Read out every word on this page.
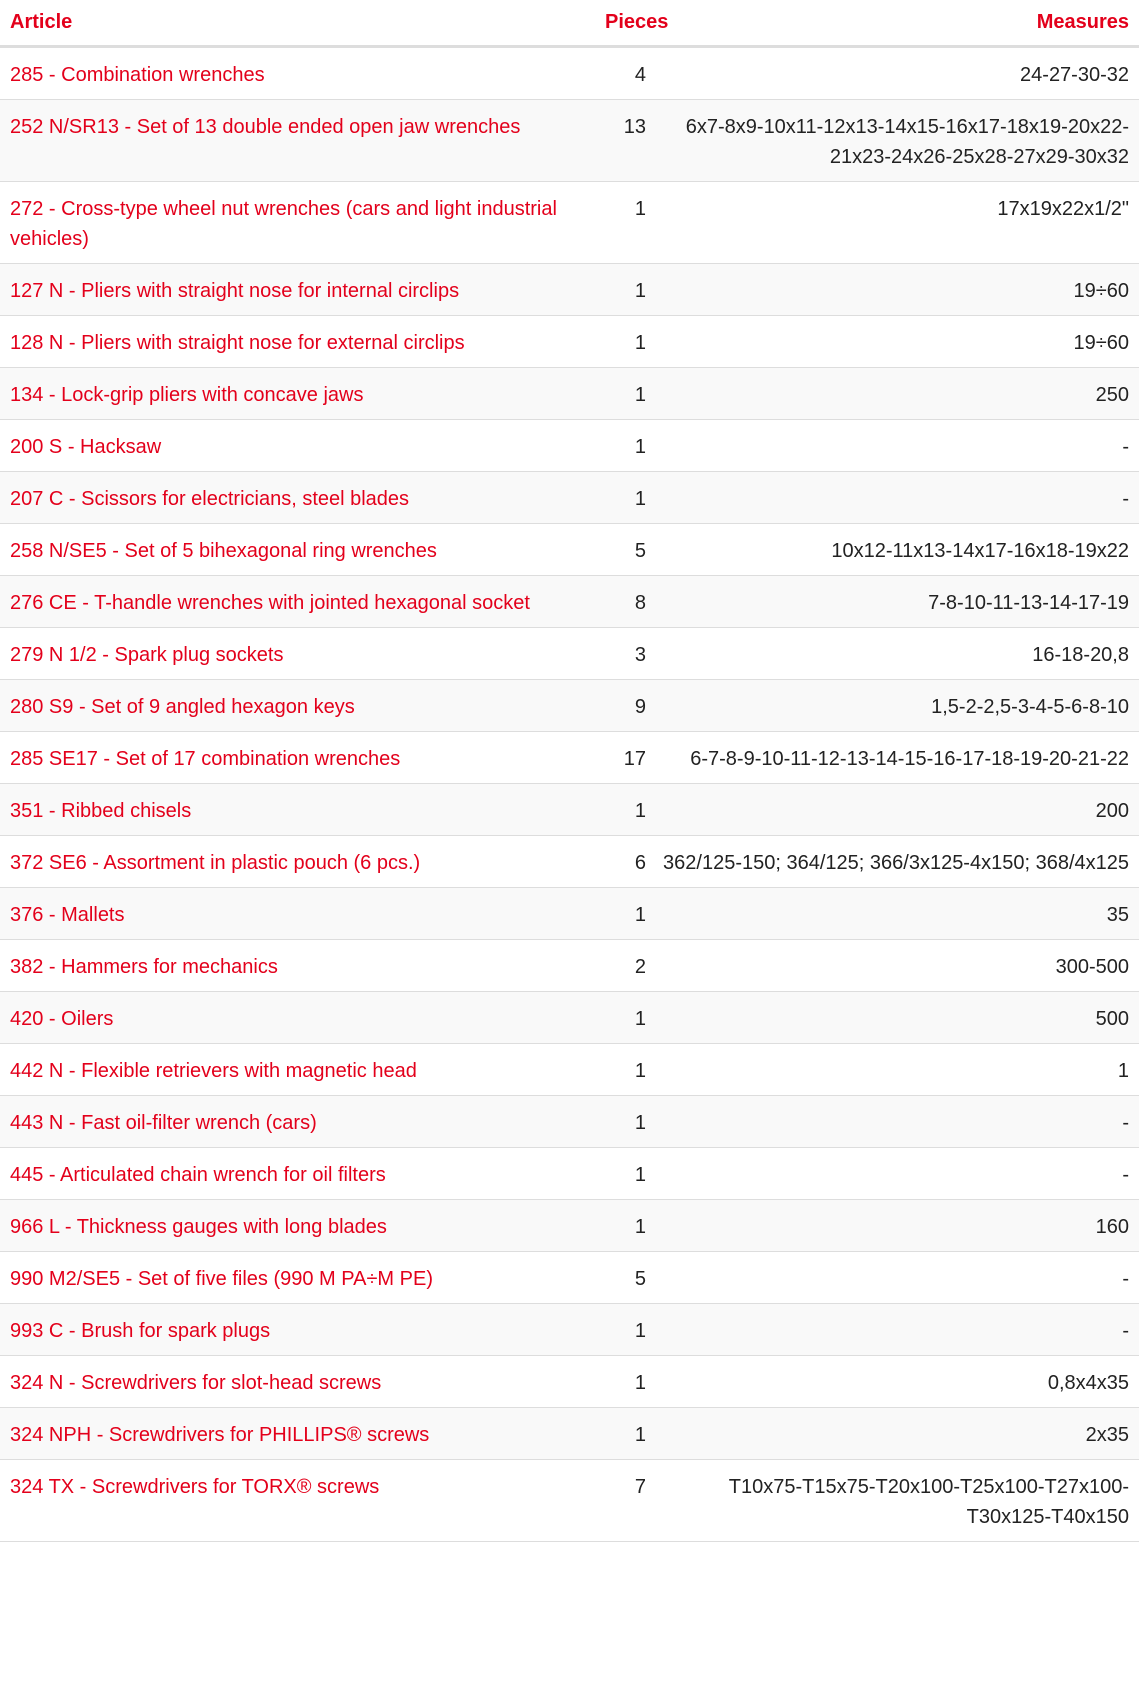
Article	Pieces	Measures
285 - Combination wrenches	4	24-27-30-32
252 N/SR13 - Set of 13 double ended open jaw wrenches	13	6x7-8x9-10x11-12x13-14x15-16x17-18x19-20x22-21x23-24x26-25x28-27x29-30x32
272 - Cross-type wheel nut wrenches (cars and light industrial vehicles)	1	17x19x22x1/2"
127 N - Pliers with straight nose for internal circlips	1	19÷60
128 N - Pliers with straight nose for external circlips	1	19÷60
134 - Lock-grip pliers with concave jaws	1	250
200 S - Hacksaw	1	-
207 C - Scissors for electricians, steel blades	1	-
258 N/SE5 - Set of 5 bihexagonal ring wrenches	5	10x12-11x13-14x17-16x18-19x22
276 CE - T-handle wrenches with jointed hexagonal socket	8	7-8-10-11-13-14-17-19
279 N 1/2 - Spark plug sockets	3	16-18-20,8
280 S9 - Set of 9 angled hexagon keys	9	1,5-2-2,5-3-4-5-6-8-10
285 SE17 - Set of 17 combination wrenches	17	6-7-8-9-10-11-12-13-14-15-16-17-18-19-20-21-22
351 - Ribbed chisels	1	200
372 SE6 - Assortment in plastic pouch (6 pcs.)	6	362/125-150; 364/125; 366/3x125-4x150; 368/4x125
376 - Mallets	1	35
382 - Hammers for mechanics	2	300-500
420 - Oilers	1	500
442 N - Flexible retrievers with magnetic head	1	1
443 N - Fast oil-filter wrench (cars)	1	-
445 - Articulated chain wrench for oil filters	1	-
966 L - Thickness gauges with long blades	1	160
990 M2/SE5 - Set of five files (990 M PA÷M PE)	5	-
993 C - Brush for spark plugs	1	-
324 N - Screwdrivers for slot-head screws	1	0,8x4x35
324 NPH - Screwdrivers for PHILLIPS® screws	1	2x35
324 TX - Screwdrivers for TORX® screws	7	T10x75-T15x75-T20x100-T25x100-T27x100-T30x125-T40x150
